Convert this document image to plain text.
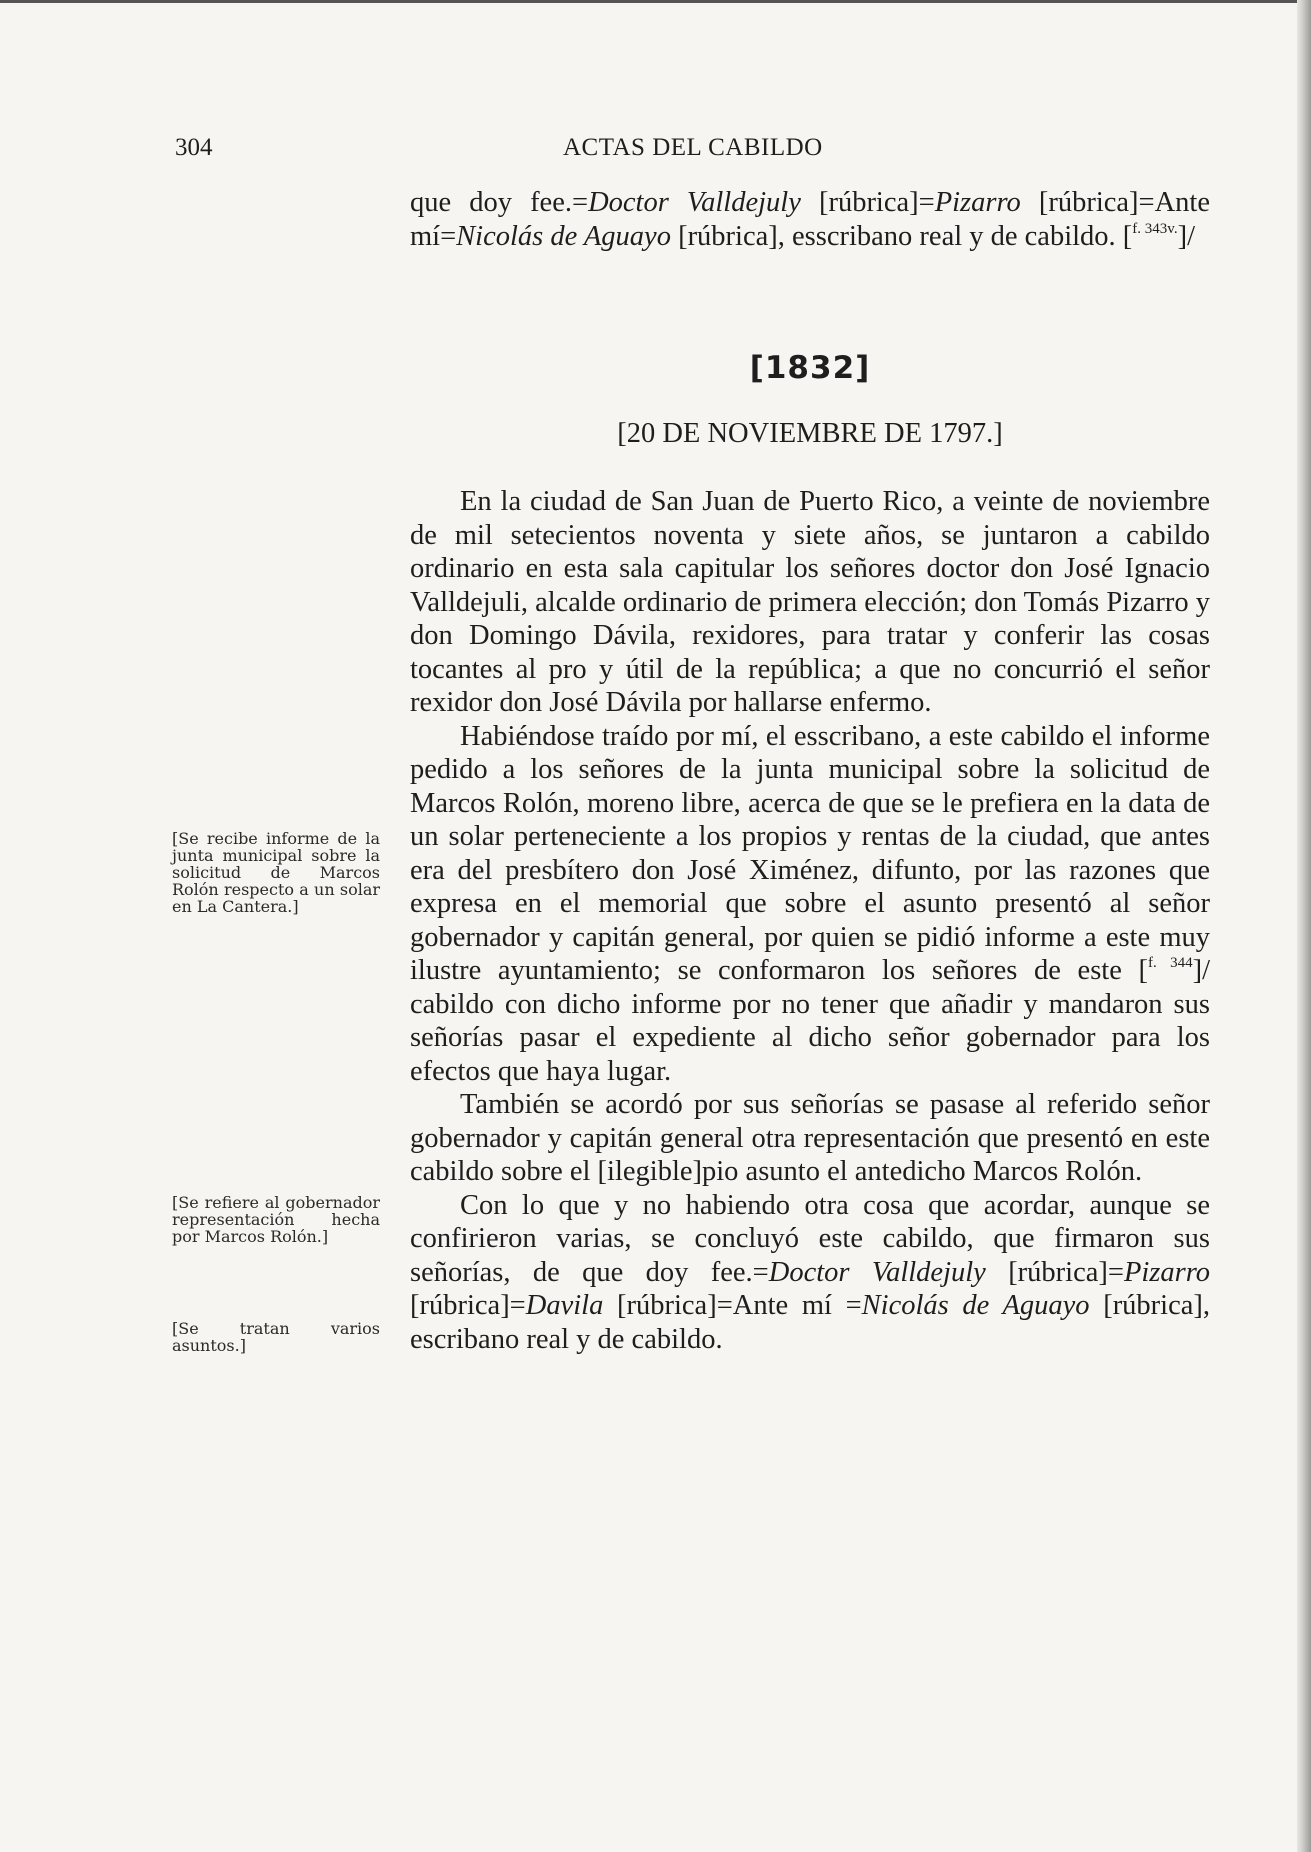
304	ACTAS DEL CABILDO

que doy fee.=Doctor Valldejuly [rúbrica]=Pizarro [rúbrica]=Ante mí=Nicolás de Aguayo [rúbrica], esscribano real y de cabildo. [$^{f. 343v.}$]/

[1832]
[20 DE NOVIEMBRE DE 1797.]

En la ciudad de San Juan de Puerto Rico, a veinte de noviembre de mil setecientos noventa y siete años, se juntaron a cabildo ordinario en esta sala capitular los señores doctor don José Ignacio Valldejuli, alcalde ordinario de primera elección; don Tomás Pizarro y don Domingo Dávila, rexidores, para tratar y conferir las cosas tocantes al pro y útil de la república; a que no concurrió el señor rexidor don José Dávila por hallarse enfermo.

Habiéndose traído por mí, el esscribano, a este cabildo el informe pedido a los señores de la junta municipal sobre la solicitud de Marcos Rolón, moreno libre, acerca de que se le prefiera en la data de un solar perteneciente a los propios y rentas de la ciudad, que antes era del presbítero don José Ximénez, difunto, por las razones que expresa en el memorial que sobre el asunto presentó al señor gobernador y capitán general, por quien se pidió informe a este muy ilustre ayuntamiento; se conformaron los señores de este [$^{f. 344}$]/ cabildo con dicho informe por no tener que añadir y mandaron sus señorías pasar el expediente al dicho señor gobernador para los efectos que haya lugar.

También se acordó por sus señorías se pasase al referido señor gobernador y capitán general otra representación que presentó en este cabildo sobre el [ilegible]pio asunto el antedicho Marcos Rolón.

Con lo que y no habiendo otra cosa que acordar, aunque se confirieron varias, se concluyó este cabildo, que firmaron sus señorías, de que doy fee.=Doctor Valldejuly [rúbrica]=Pizarro [rúbrica]=Davila [rúbrica]=Ante mí =Nicolás de Aguayo [rúbrica], escribano real y de cabildo.

[Se recibe informe de la junta municipal sobre la solicitud de Marcos Rolón respecto a un solar en La Cantera.]
[Se refiere al gobernador representación hecha por Marcos Rolón.]
[Se tratan varios asuntos.]
